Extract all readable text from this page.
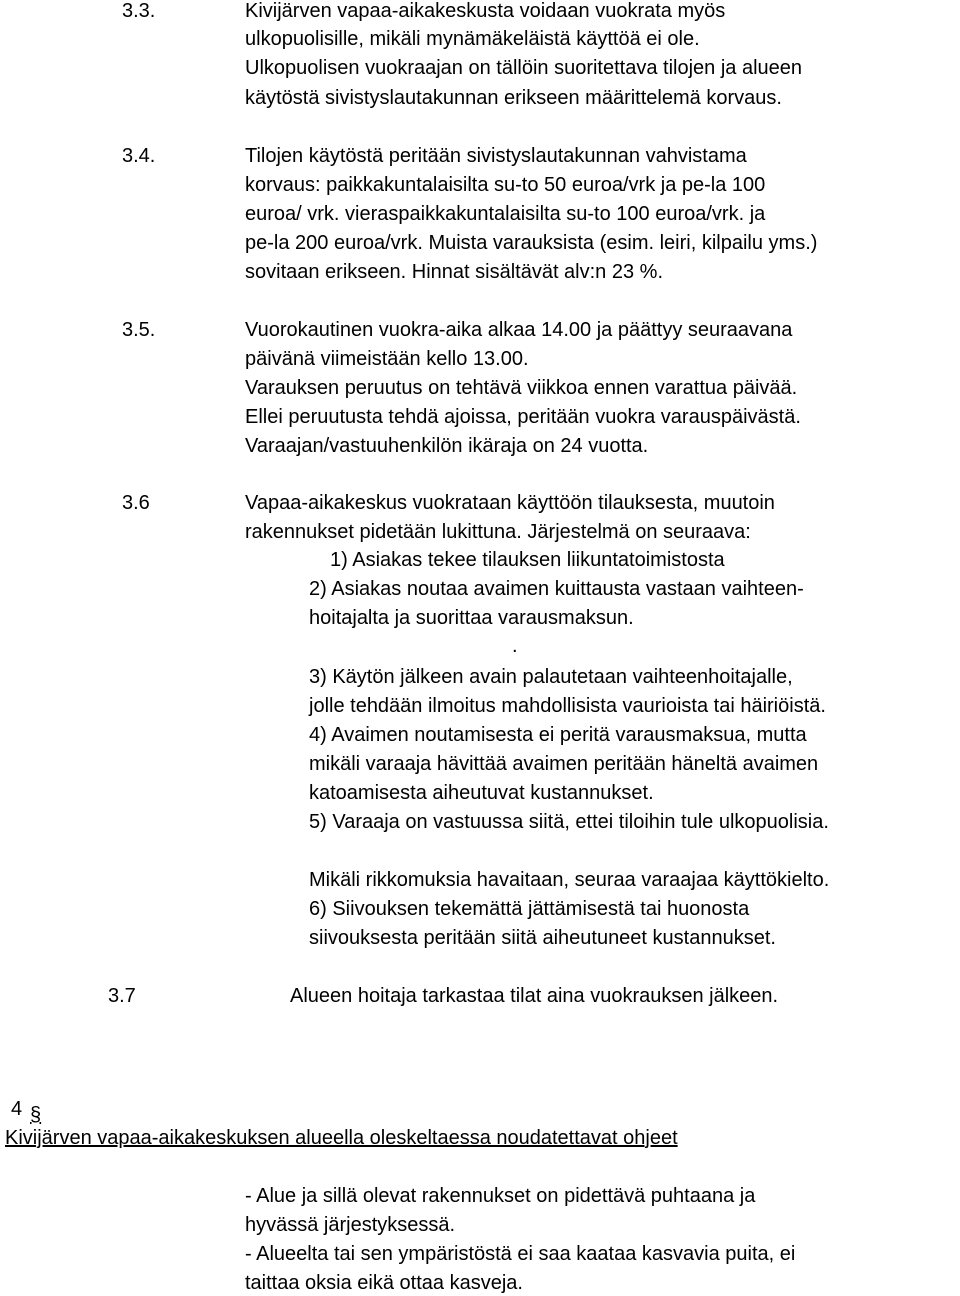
3.3.	Kivijärven vapaa-aikakeskusta voidaan vuokrata myös
ulkopuolisille, mikäli mynämäkeläistä käyttöä ei ole.
Ulkopuolisen vuokraajan on tällöin suoritettava tilojen ja alueen
käytöstä sivistyslautakunnan erikseen määrittelemä korvaus.
3.4.	Tilojen käytöstä peritään sivistyslautakunnan vahvistama
korvaus: paikkakuntalaisilta su-to 50 euroa/vrk ja pe-la 100
euroa/ vrk. vieraspaikkakuntalaisilta su-to 100 euroa/vrk. ja
pe-la 200 euroa/vrk. Muista varauksista (esim. leiri, kilpailu yms.)
sovitaan erikseen. Hinnat sisältävät alv:n 23 %.
3.5.	Vuorokautinen vuokra-aika alkaa 14.00 ja päättyy seuraavana
päivänä viimeistään kello 13.00.
Varauksen peruutus on tehtävä viikkoa ennen varattua päivää.
Ellei peruutusta tehdä ajoissa, peritään vuokra varauspäivästä.
Varaajan/vastuuhenkilön ikäraja on 24 vuotta.
3.6	Vapaa-aikakeskus vuokrataan käyttöön tilauksesta, muutoin
rakennukset pidetään lukittuna. Järjestelmä on seuraava:
1) Asiakas tekee tilauksen liikuntatoimistosta
2) Asiakas noutaa avaimen kuittausta vastaan vaihteen-
hoitajalta ja suorittaa varausmaksun.
.
3) Käytön jälkeen avain palautetaan vaihteenhoitajalle,
jolle tehdään ilmoitus mahdollisista vaurioista tai häiriöistä.
4) Avaimen noutamisesta ei peritä varausmaksua, mutta
mikäli varaaja hävittää avaimen peritään häneltä avaimen
katoamisesta aiheutuvat kustannukset.
5) Varaaja on vastuussa siitä, ettei tiloihin tule ulkopuolisia.
Mikäli rikkomuksia havaitaan, seuraa varaajaa käyttökielto.
6) Siivouksen tekemättä jättämisestä tai huonosta
siivouksesta peritään siitä aiheutuneet kustannukset.
3.7	Alueen hoitaja tarkastaa tilat aina vuokrauksen jälkeen.
4 §
Kivijärven vapaa-aikakeskuksen alueella oleskeltaessa noudatettavat ohjeet
- Alue ja sillä olevat rakennukset on pidettävä puhtaana ja
hyvässä järjestyksessä.
- Alueelta tai sen ympäristöstä ei saa kaataa kasvavia puita, ei
taittaa oksia eikä ottaa kasveja.
